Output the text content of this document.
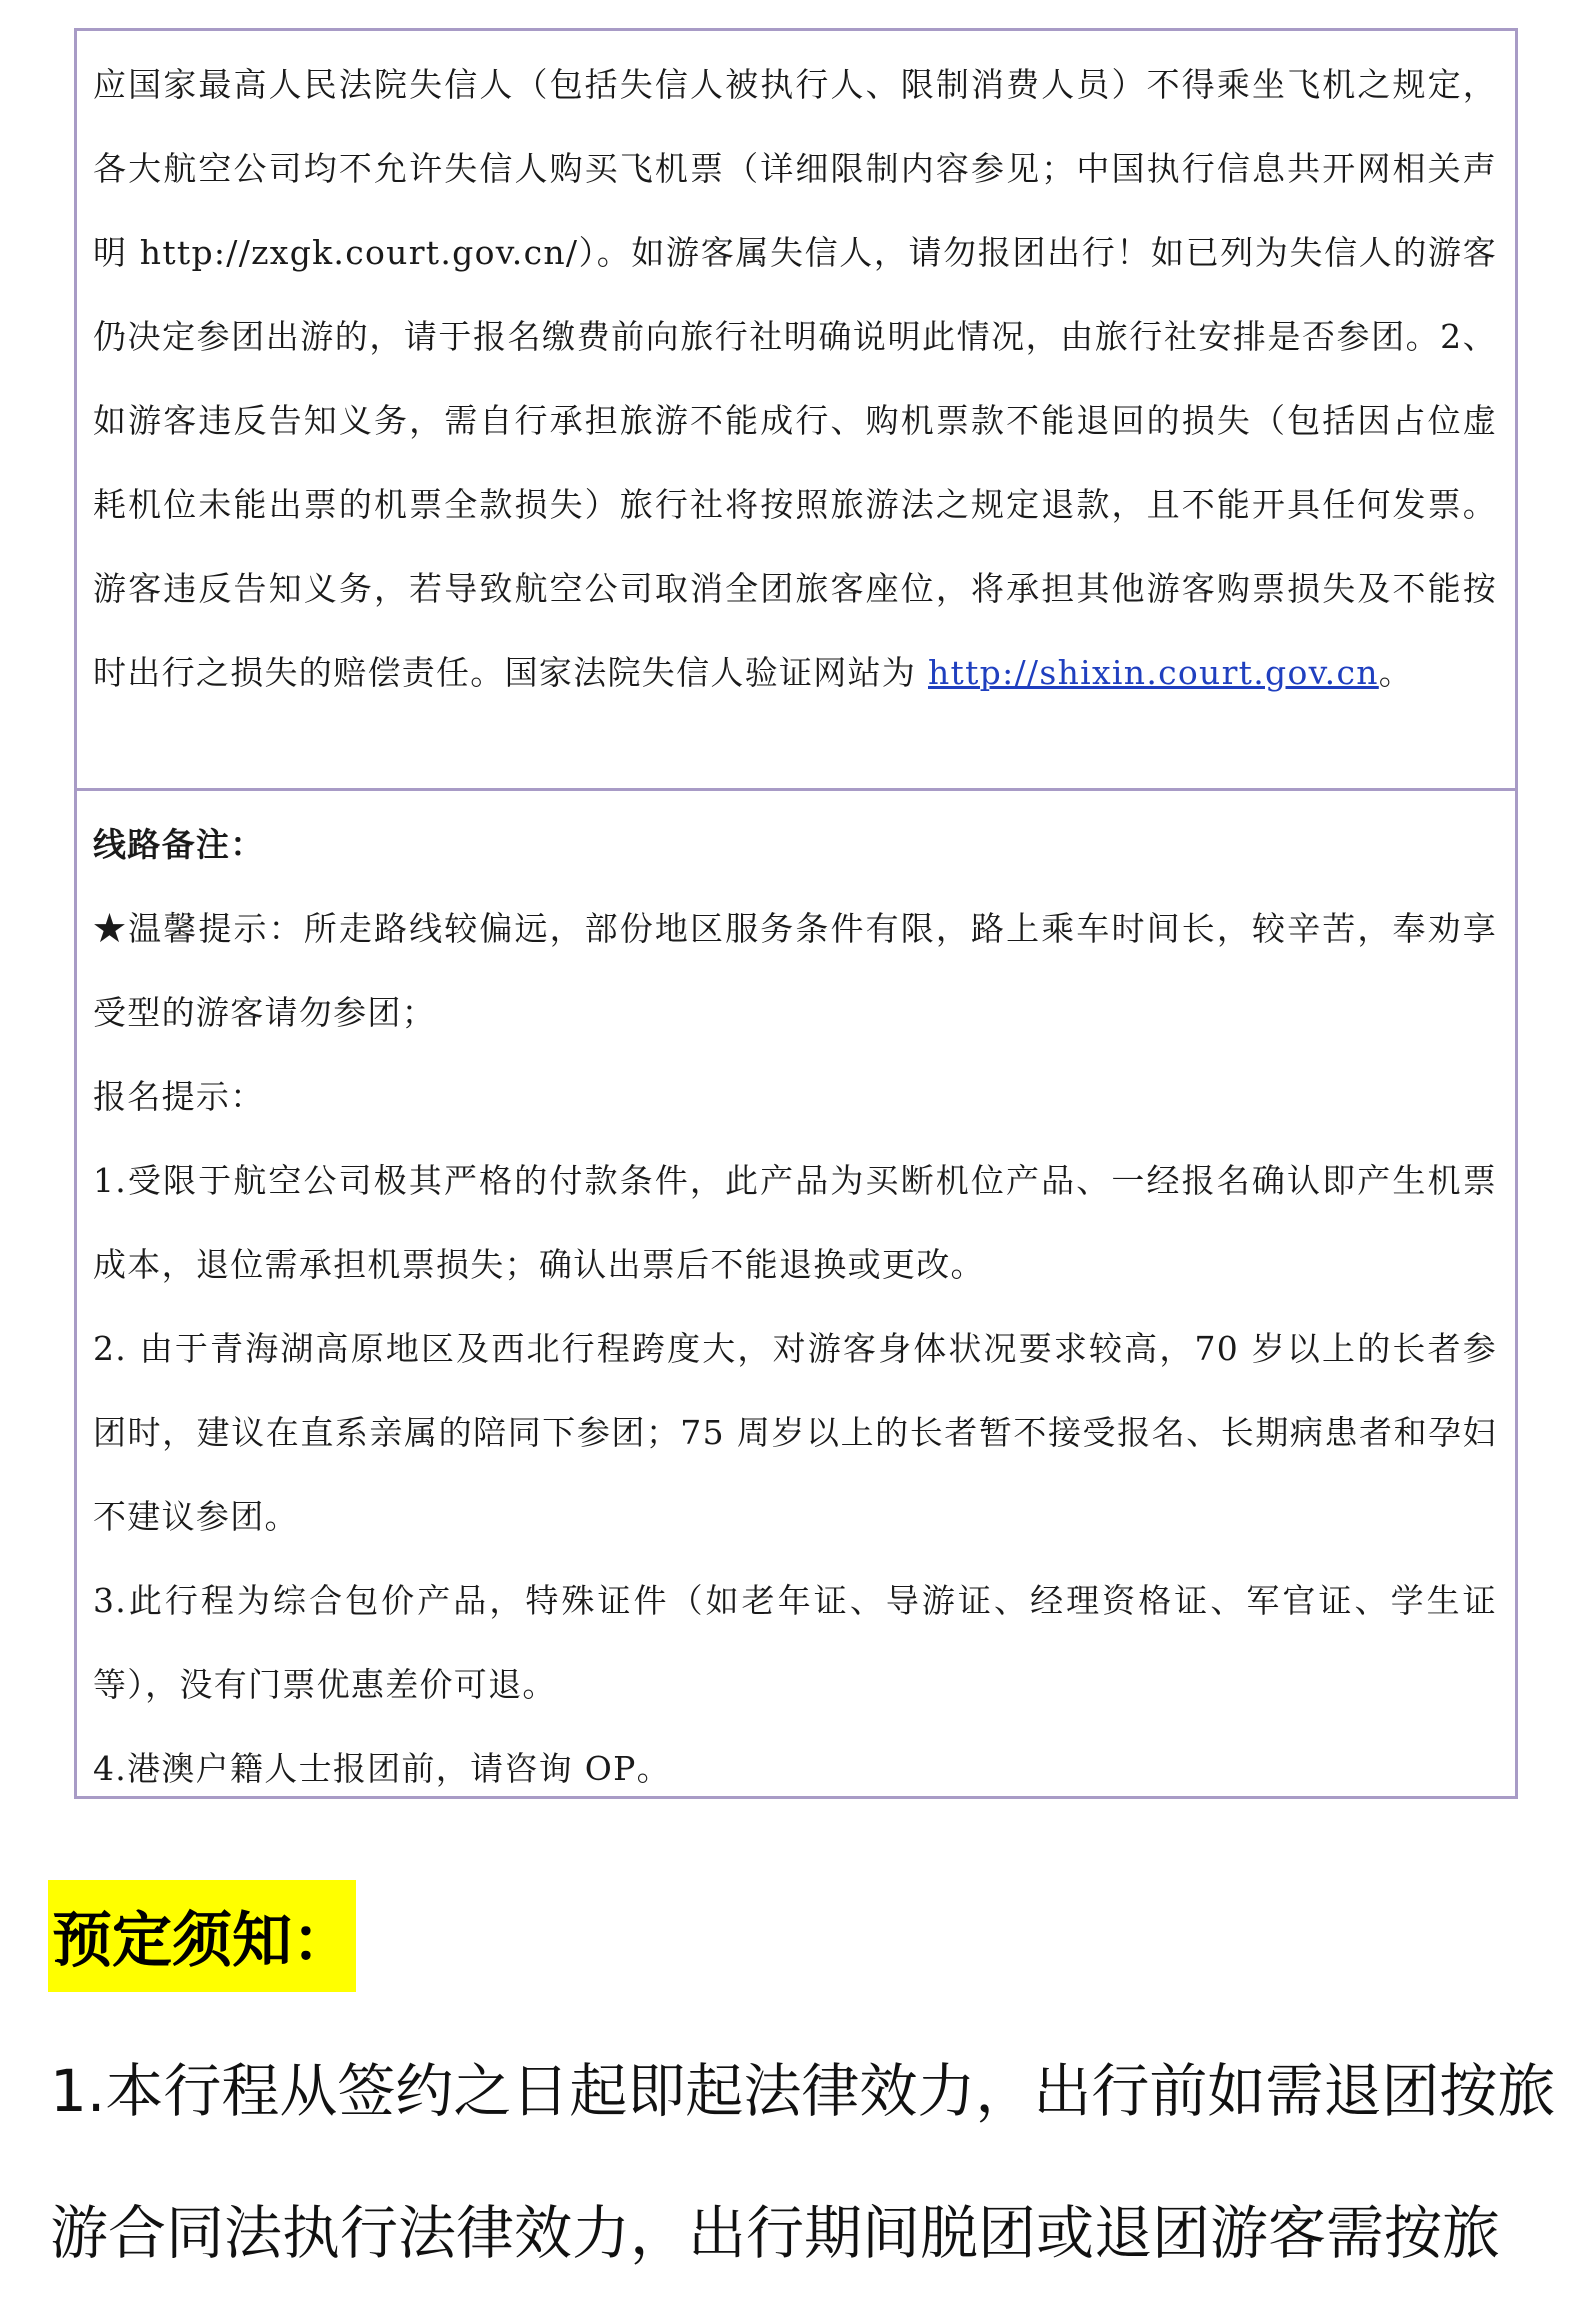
应国家最高人民法院失信人（包括失信人被执行人、限制消费人员）不得乘坐飞机之规定，各大航空公司均不允许失信人购买飞机票（详细限制内容参见；中国执行信息共开网相关声明 http://zxgk.court.gov.cn/）。如游客属失信人，请勿报团出行！如已列为失信人的游客仍决定参团出游的，请于报名缴费前向旅行社明确说明此情况，由旅行社安排是否参团。2、如游客违反告知义务，需自行承担旅游不能成行、购机票款不能退回的损失（包括因占位虚耗机位未能出票的机票全款损失）旅行社将按照旅游法之规定退款，且不能开具任何发票。游客违反告知义务，若导致航空公司取消全团旅客座位，将承担其他游客购票损失及不能按时出行之损失的赔偿责任。国家法院失信人验证网站为 http://shixin.court.gov.cn。

线路备注：

★温馨提示：所走路线较偏远，部份地区服务条件有限，路上乘车时间长，较辛苦，奉劝享受型的游客请勿参团；

报名提示：

1.受限于航空公司极其严格的付款条件，此产品为买断机位产品、一经报名确认即产生机票成本，退位需承担机票损失；确认出票后不能退换或更改。

2. 由于青海湖高原地区及西北行程跨度大，对游客身体状况要求较高，70 岁以上的长者参团时，建议在直系亲属的陪同下参团；75 周岁以上的长者暂不接受报名、长期病患者和孕妇不建议参团。

3.此行程为综合包价产品，特殊证件（如老年证、导游证、经理资格证、军官证、学生证等），没有门票优惠差价可退。

4.港澳户籍人士报团前，请咨询 OP。

预定须知：

1.本行程从签约之日起即起法律效力，出行前如需退团按旅游合同法执行法律效力，出行期间脱团或退团游客需按旅
